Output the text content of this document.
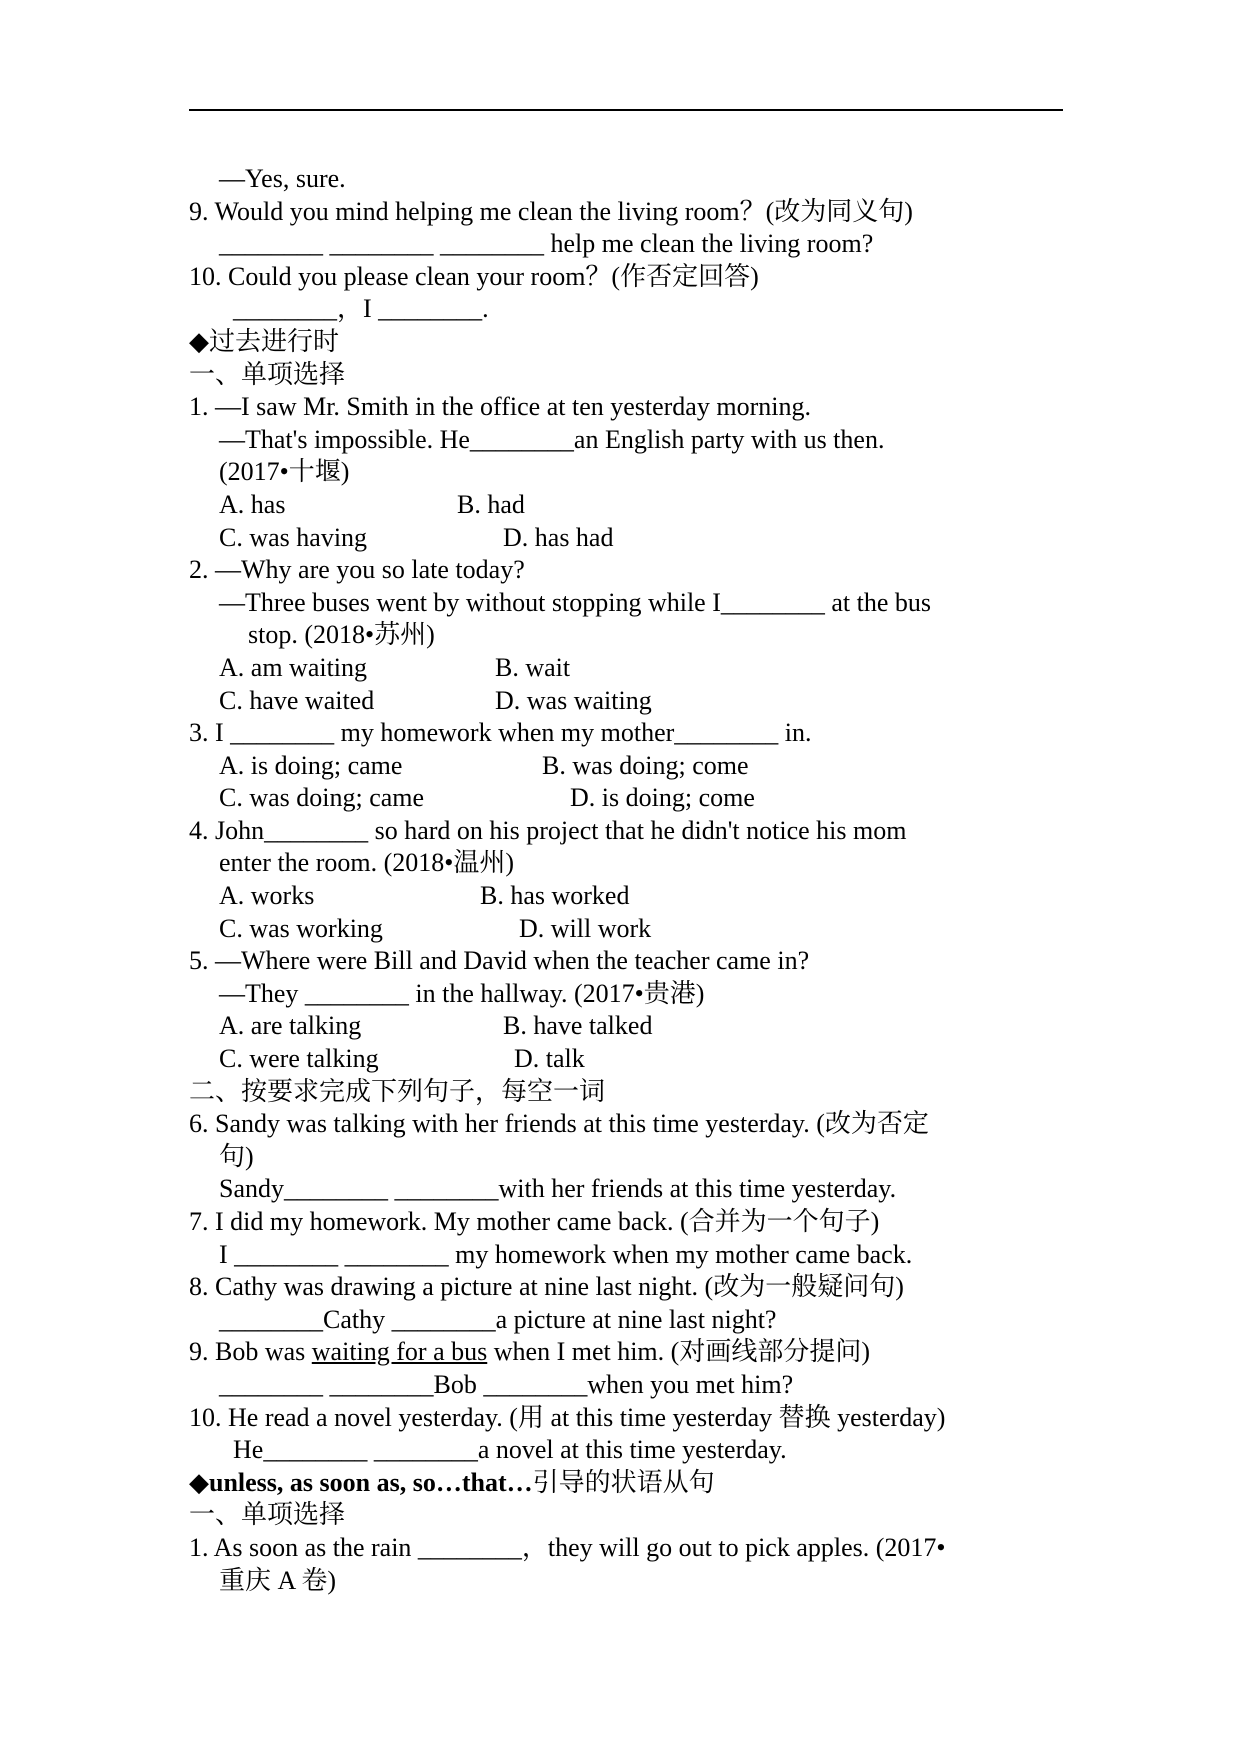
—Yes, sure.
9. Would you mind helping me clean the living room？(改为同义句)
________ ________ ________ help me clean the living room?
10. Could you please clean your room？(作否定回答)
________，I ________.
◆过去进行时
一、单项选择
1. —I saw Mr. Smith in the office at ten yesterday morning.
—That's impossible. He________an English party with us then.
(2017•十堰)
A. has	B. had
C. was having	D. has had
2. —Why are you so late today?
—Three buses went by without stopping while I________ at the bus
stop. (2018•苏州)
A. am waiting	B. wait
C. have waited	D. was waiting
3. I ________ my homework when my mother________ in.
A. is doing; came	B. was doing; come
C. was doing; came	D. is doing; come
4. John________ so hard on his project that he didn't notice his mom
enter the room. (2018•温州)
A. works	B. has worked
C. was working	D. will work
5. —Where were Bill and David when the teacher came in?
—They ________ in the hallway. (2017•贵港)
A. are talking	B. have talked
C. were talking	D. talk
二、按要求完成下列句子，每空一词
6. Sandy was talking with her friends at this time yesterday. (改为否定
句)
Sandy________ ________with her friends at this time yesterday.
7. I did my homework. My mother came back. (合并为一个句子)
I ________ ________ my homework when my mother came back.
8. Cathy was drawing a picture at nine last night. (改为一般疑问句)
________Cathy ________a picture at nine last night?
9. Bob was waiting for a bus when I met him. (对画线部分提问)
________ ________Bob ________when you met him?
10. He read a novel yesterday. (用 at this time yesterday 替换 yesterday)
He________ ________a novel at this time yesterday.
◆unless, as soon as, so…that…引导的状语从句
一、单项选择
1. As soon as the rain ________，they will go out to pick apples. (2017•
重庆 A 卷)
